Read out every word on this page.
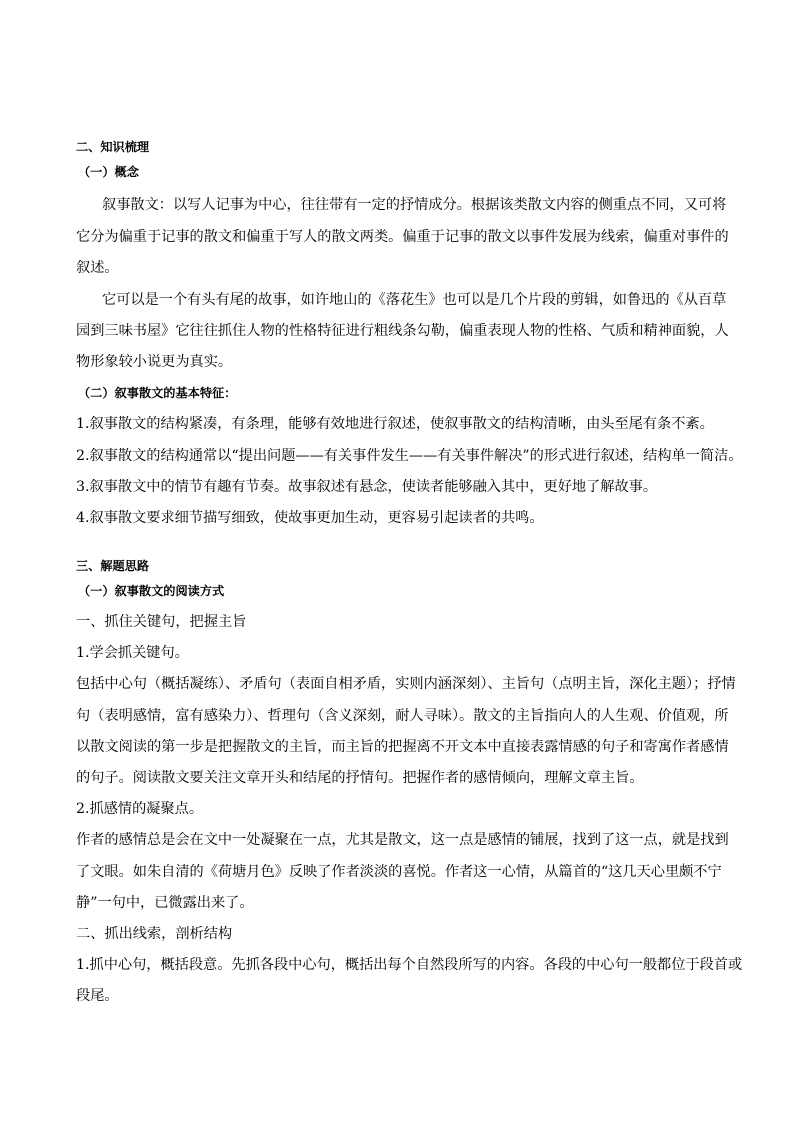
二、知识梳理
（一）概念
叙事散文：以写人记事为中心，往往带有一定的抒情成分。根据该类散文内容的侧重点不同，又可将
它分为偏重于记事的散文和偏重于写人的散文两类。偏重于记事的散文以事件发展为线索，偏重对事件的
叙述。
它可以是一个有头有尾的故事，如许地山的《落花生》也可以是几个片段的剪辑，如鲁迅的《从百草
园到三味书屋》它往往抓住人物的性格特征进行粗线条勾勒，偏重表现人物的性格、气质和精神面貌，人
物形象较小说更为真实。
（二）叙事散文的基本特征：
1.叙事散文的结构紧凑，有条理，能够有效地进行叙述，使叙事散文的结构清晰，由头至尾有条不紊。
2.叙事散文的结构通常以“提出问题——有关事件发生——有关事件解决”的形式进行叙述，结构单一简洁。
3.叙事散文中的情节有趣有节奏。故事叙述有悬念，使读者能够融入其中，更好地了解故事。
4.叙事散文要求细节描写细致，使故事更加生动，更容易引起读者的共鸣。
三、解题思路
（一）叙事散文的阅读方式
一、抓住关键句，把握主旨
1.学会抓关键句。
包括中心句（概括凝练）、矛盾句（表面自相矛盾，实则内涵深刻）、主旨句（点明主旨，深化主题）；抒情
句（表明感情，富有感染力）、哲理句（含义深刻，耐人寻味）。散文的主旨指向人的人生观、价值观，所
以散文阅读的第一步是把握散文的主旨，而主旨的把握离不开文本中直接表露情感的句子和寄寓作者感情
的句子。阅读散文要关注文章开头和结尾的抒情句。把握作者的感情倾向，理解文章主旨。
2.抓感情的凝聚点。
作者的感情总是会在文中一处凝聚在一点，尤其是散文，这一点是感情的铺展，找到了这一点，就是找到
了文眼。如朱自清的《荷塘月色》反映了作者淡淡的喜悦。作者这一心情，从篇首的“这几天心里颇不宁
静”一句中，已微露出来了。
二、抓出线索，剖析结构
1.抓中心句，概括段意。先抓各段中心句，概括出每个自然段所写的内容。各段的中心句一般都位于段首或
段尾。
